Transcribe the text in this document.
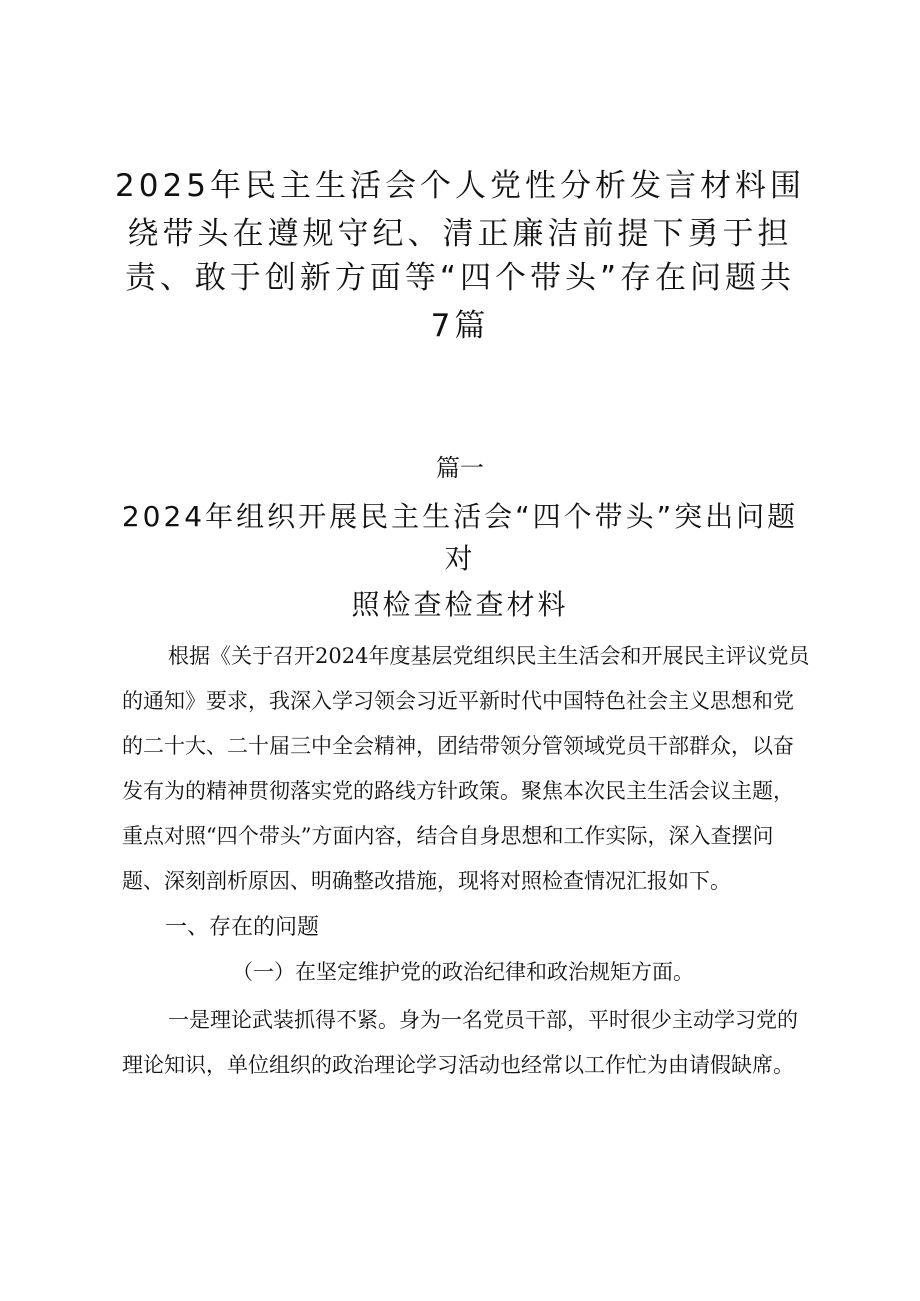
2025年民主生活会个人党性分析发言材料围
绕带头在遵规守纪、清正廉洁前提下勇于担
责、敢于创新方面等“四个带头”存在问题共
7篇
篇一
2024年组织开展民主生活会“四个带头”突出问题
对
照检查检查材料
根据《关于召开2024年度基层党组织民主生活会和开展民主评议党员
的通知》要求，我深入学习领会习近平新时代中国特色社会主义思想和党
的二十大、二十届三中全会精神，团结带领分管领域党员干部群众，以奋
发有为的精神贯彻落实党的路线方针政策。聚焦本次民主生活会议主题，
重点对照“四个带头”方面内容，结合自身思想和工作实际，深入查摆问
题、深刻剖析原因、明确整改措施，现将对照检查情况汇报如下。
一、存在的问题
（一）在坚定维护党的政治纪律和政治规矩方面。
一是理论武装抓得不紧。身为一名党员干部，平时很少主动学习党的
理论知识，单位组织的政治理论学习活动也经常以工作忙为由请假缺席。
